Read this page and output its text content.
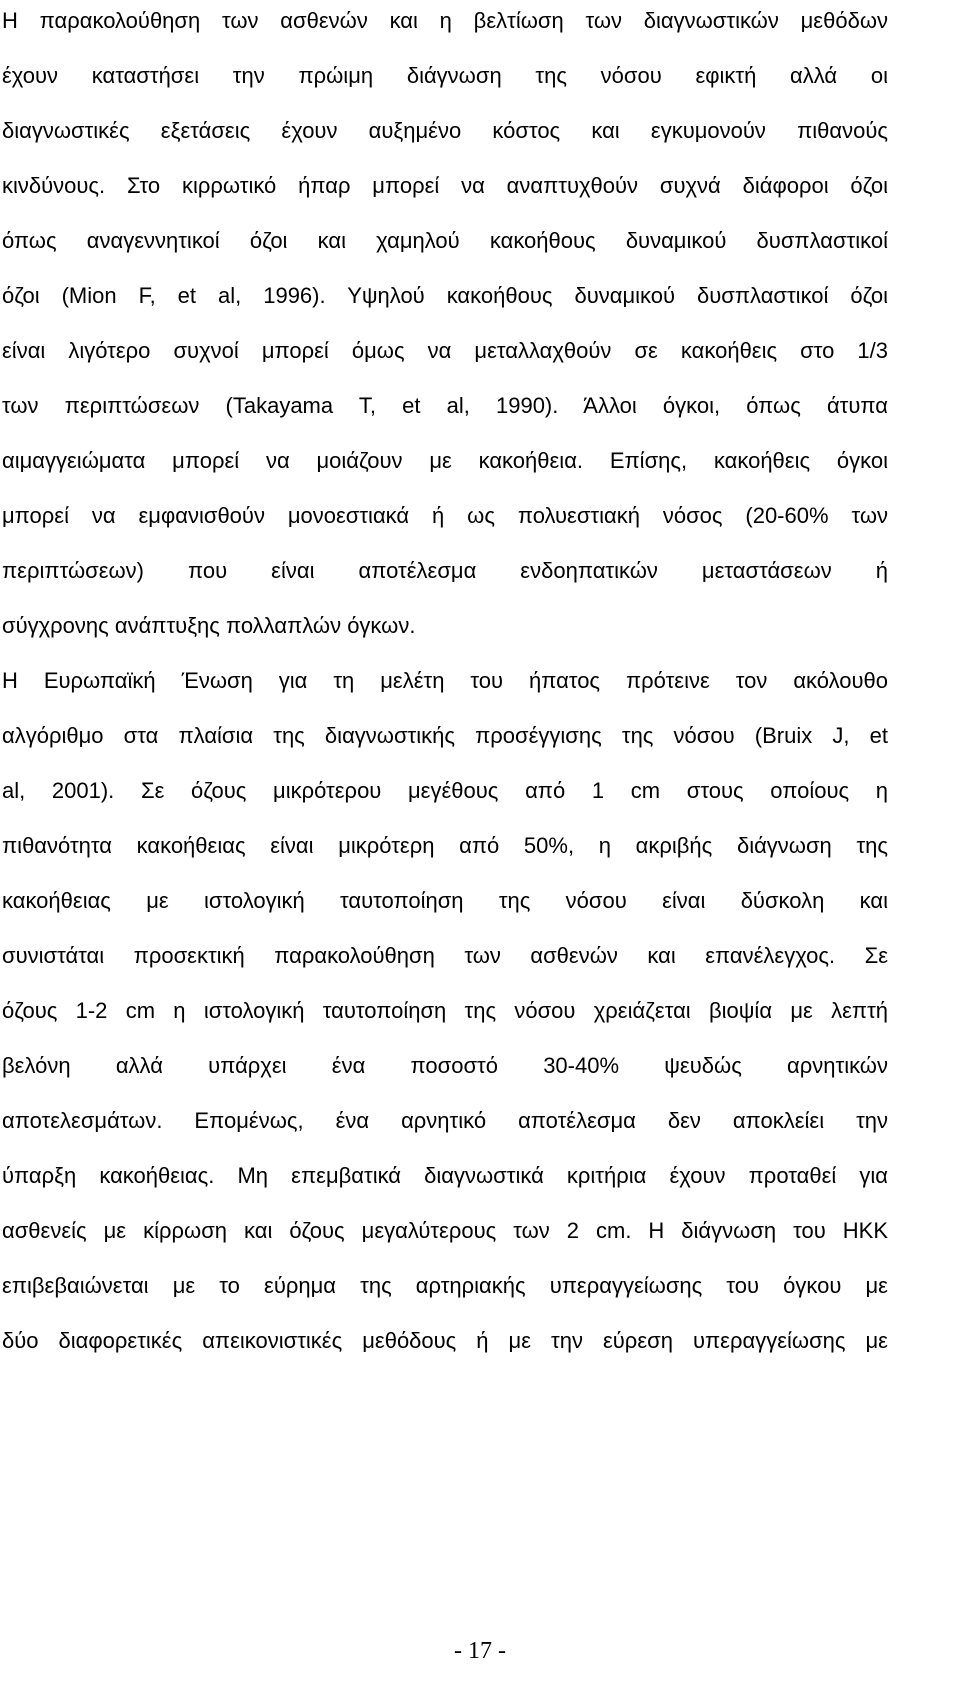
Η παρακολούθηση των ασθενών και η βελτίωση των διαγνωστικών μεθόδων
έχουν καταστήσει την πρώιμη διάγνωση της νόσου εφικτή αλλά οι
διαγνωστικές εξετάσεις έχουν αυξημένο κόστος και εγκυμονούν πιθανούς
κινδύνους. Στο κιρρωτικό ήπαρ μπορεί να αναπτυχθούν συχνά διάφοροι όζοι
όπως αναγεννητικοί όζοι και χαμηλού κακοήθους δυναμικού δυσπλαστικοί
όζοι (Mion F, et al, 1996). Υψηλού κακοήθους δυναμικού δυσπλαστικοί όζοι
είναι λιγότερο συχνοί μπορεί όμως να μεταλλαχθούν σε κακοήθεις στο 1/3
των περιπτώσεων (Takayama T, et al, 1990). Άλλοι όγκοι, όπως άτυπα
αιμαγγειώματα μπορεί να μοιάζουν με κακοήθεια. Επίσης, κακοήθεις όγκοι
μπορεί να εμφανισθούν μονοεστιακά ή ως πολυεστιακή νόσος (20-60% των
περιπτώσεων) που είναι αποτέλεσμα ενδοηπατικών μεταστάσεων ή
σύγχρονης ανάπτυξης πολλαπλών όγκων.
Η Ευρωπαϊκή Ένωση για τη μελέτη του ήπατος πρότεινε τον ακόλουθο
αλγόριθμο στα πλαίσια της διαγνωστικής προσέγγισης της νόσου (Bruix J, et
al, 2001). Σε όζους μικρότερου μεγέθους από 1 cm στους οποίους η
πιθανότητα κακοήθειας είναι μικρότερη από 50%, η ακριβής διάγνωση της
κακοήθειας με ιστολογική ταυτοποίηση της νόσου είναι δύσκολη και
συνιστάται προσεκτική παρακολούθηση των ασθενών και επανέλεγχος. Σε
όζους 1-2 cm η ιστολογική ταυτοποίηση της νόσου χρειάζεται βιοψία με λεπτή
βελόνη αλλά υπάρχει ένα ποσοστό 30-40% ψευδώς αρνητικών
αποτελεσμάτων. Επομένως, ένα αρνητικό αποτέλεσμα δεν αποκλείει την
ύπαρξη κακοήθειας. Μη επεμβατικά διαγνωστικά κριτήρια έχουν προταθεί για
ασθενείς με κίρρωση και όζους μεγαλύτερους των 2 cm. Η διάγνωση του ΗΚΚ
επιβεβαιώνεται με το εύρημα της αρτηριακής υπεραγγείωσης του όγκου με
δύο διαφορετικές απεικονιστικές μεθόδους ή με την εύρεση υπεραγγείωσης με
- 17 -
